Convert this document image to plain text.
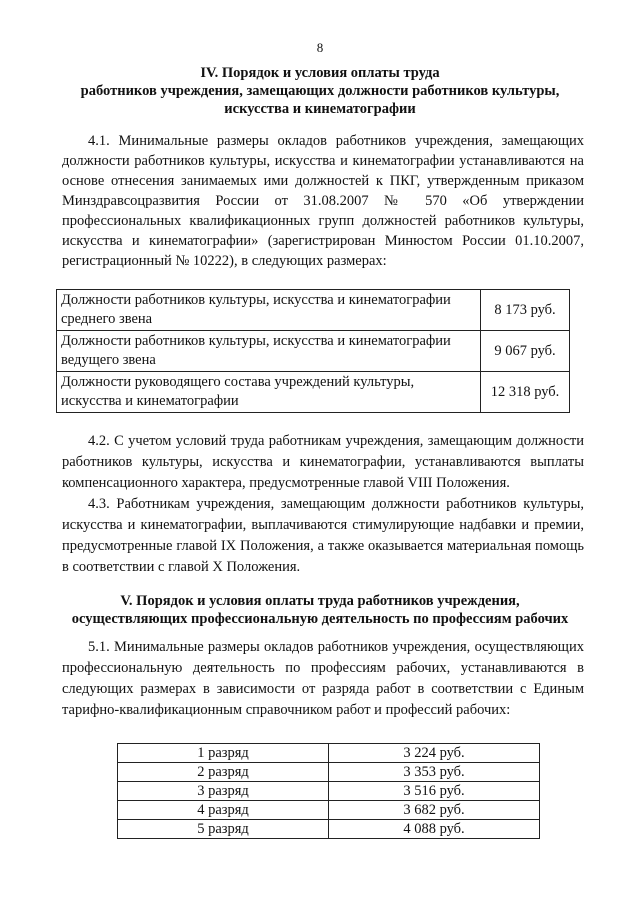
8
IV. Порядок и условия оплаты труда
работников учреждения, замещающих должности работников культуры,
искусства и кинематографии
4.1. Минимальные размеры окладов работников учреждения, замещающих должности работников культуры, искусства и кинематографии устанавливаются на основе отнесения занимаемых ими должностей к ПКГ, утвержденным приказом Минздравсоцразвития России от 31.08.2007 № 570 «Об утверждении профессиональных квалификационных групп должностей работников культуры, искусства и кинематографии» (зарегистрирован Минюстом России 01.10.2007, регистрационный № 10222), в следующих размерах:
Должности работников культуры, искусства и кинематографии среднего звена	8 173 руб.
Должности работников культуры, искусства и кинематографии ведущего звена	9 067 руб.
Должности руководящего состава учреждений культуры, искусства и кинематографии	12 318 руб.
4.2. С учетом условий труда работникам учреждения, замещающим должности работников культуры, искусства и кинематографии, устанавливаются выплаты компенсационного характера, предусмотренные главой VIII Положения.
4.3. Работникам учреждения, замещающим должности работников культуры, искусства и кинематографии, выплачиваются стимулирующие надбавки и премии, предусмотренные главой IX Положения, а также оказывается материальная помощь в соответствии с главой X Положения.
V. Порядок и условия оплаты труда работников учреждения,
осуществляющих профессиональную деятельность по профессиям рабочих
5.1. Минимальные размеры окладов работников учреждения, осуществляющих профессиональную деятельность по профессиям рабочих, устанавливаются в следующих размерах в зависимости от разряда работ в соответствии с Единым тарифно-квалификационным справочником работ и профессий рабочих:
1 разряд	3 224 руб.
2 разряд	3 353 руб.
3 разряд	3 516 руб.
4 разряд	3 682 руб.
5 разряд	4 088 руб.
